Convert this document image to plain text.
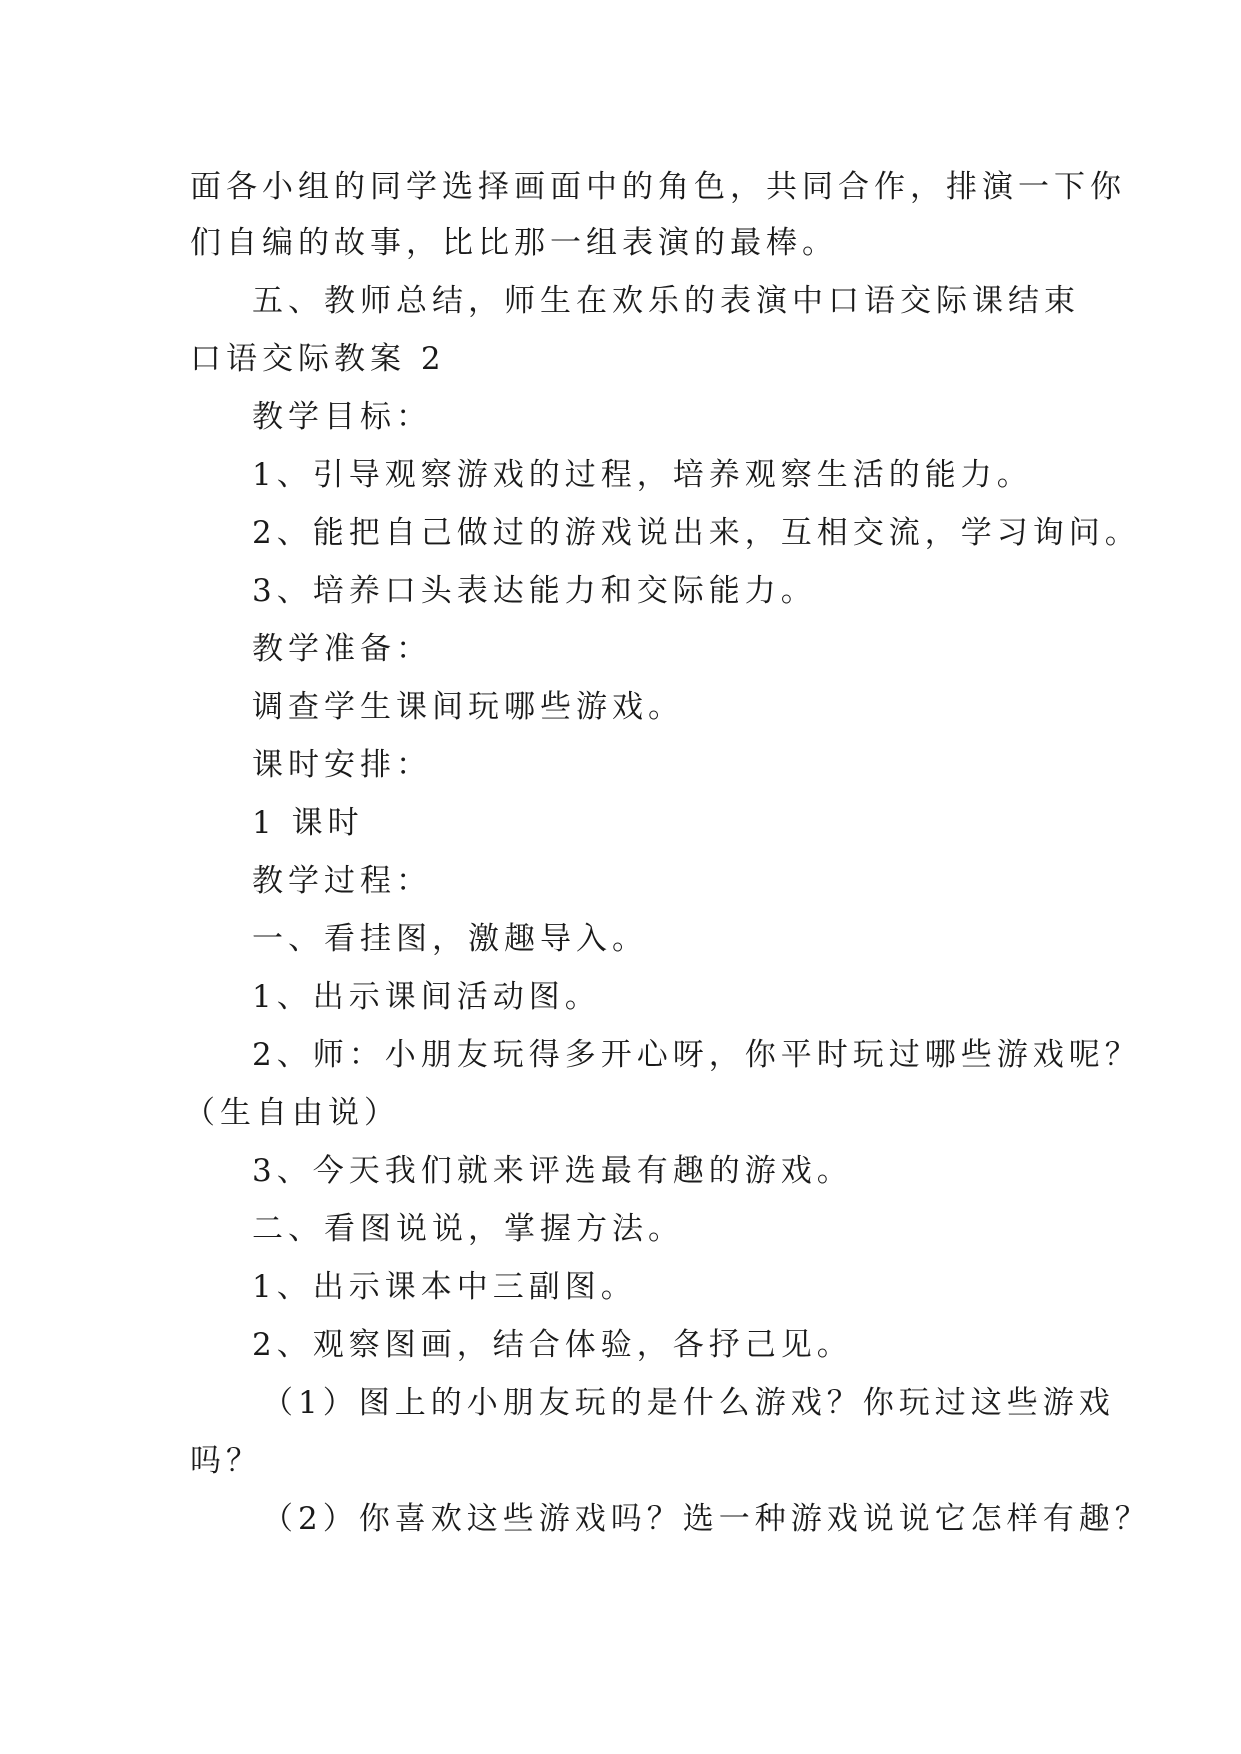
面各小组的同学选择画面中的角色，共同合作，排演一下你
们自编的故事，比比那一组表演的最棒。
五、教师总结，师生在欢乐的表演中口语交际课结束
口语交际教案 2
教学目标：
1、引导观察游戏的过程，培养观察生活的能力。
2、能把自己做过的游戏说出来，互相交流，学习询问。
3、培养口头表达能力和交际能力。
教学准备：
调查学生课间玩哪些游戏。
课时安排：
1 课时
教学过程：
一、看挂图，激趣导入。
1、出示课间活动图。
2、师：小朋友玩得多开心呀，你平时玩过哪些游戏呢？
（生自由说）
3、今天我们就来评选最有趣的游戏。
二、看图说说，掌握方法。
1、出示课本中三副图。
2、观察图画，结合体验，各抒己见。
（1）图上的小朋友玩的是什么游戏？你玩过这些游戏
吗？
（2）你喜欢这些游戏吗？选一种游戏说说它怎样有趣？
